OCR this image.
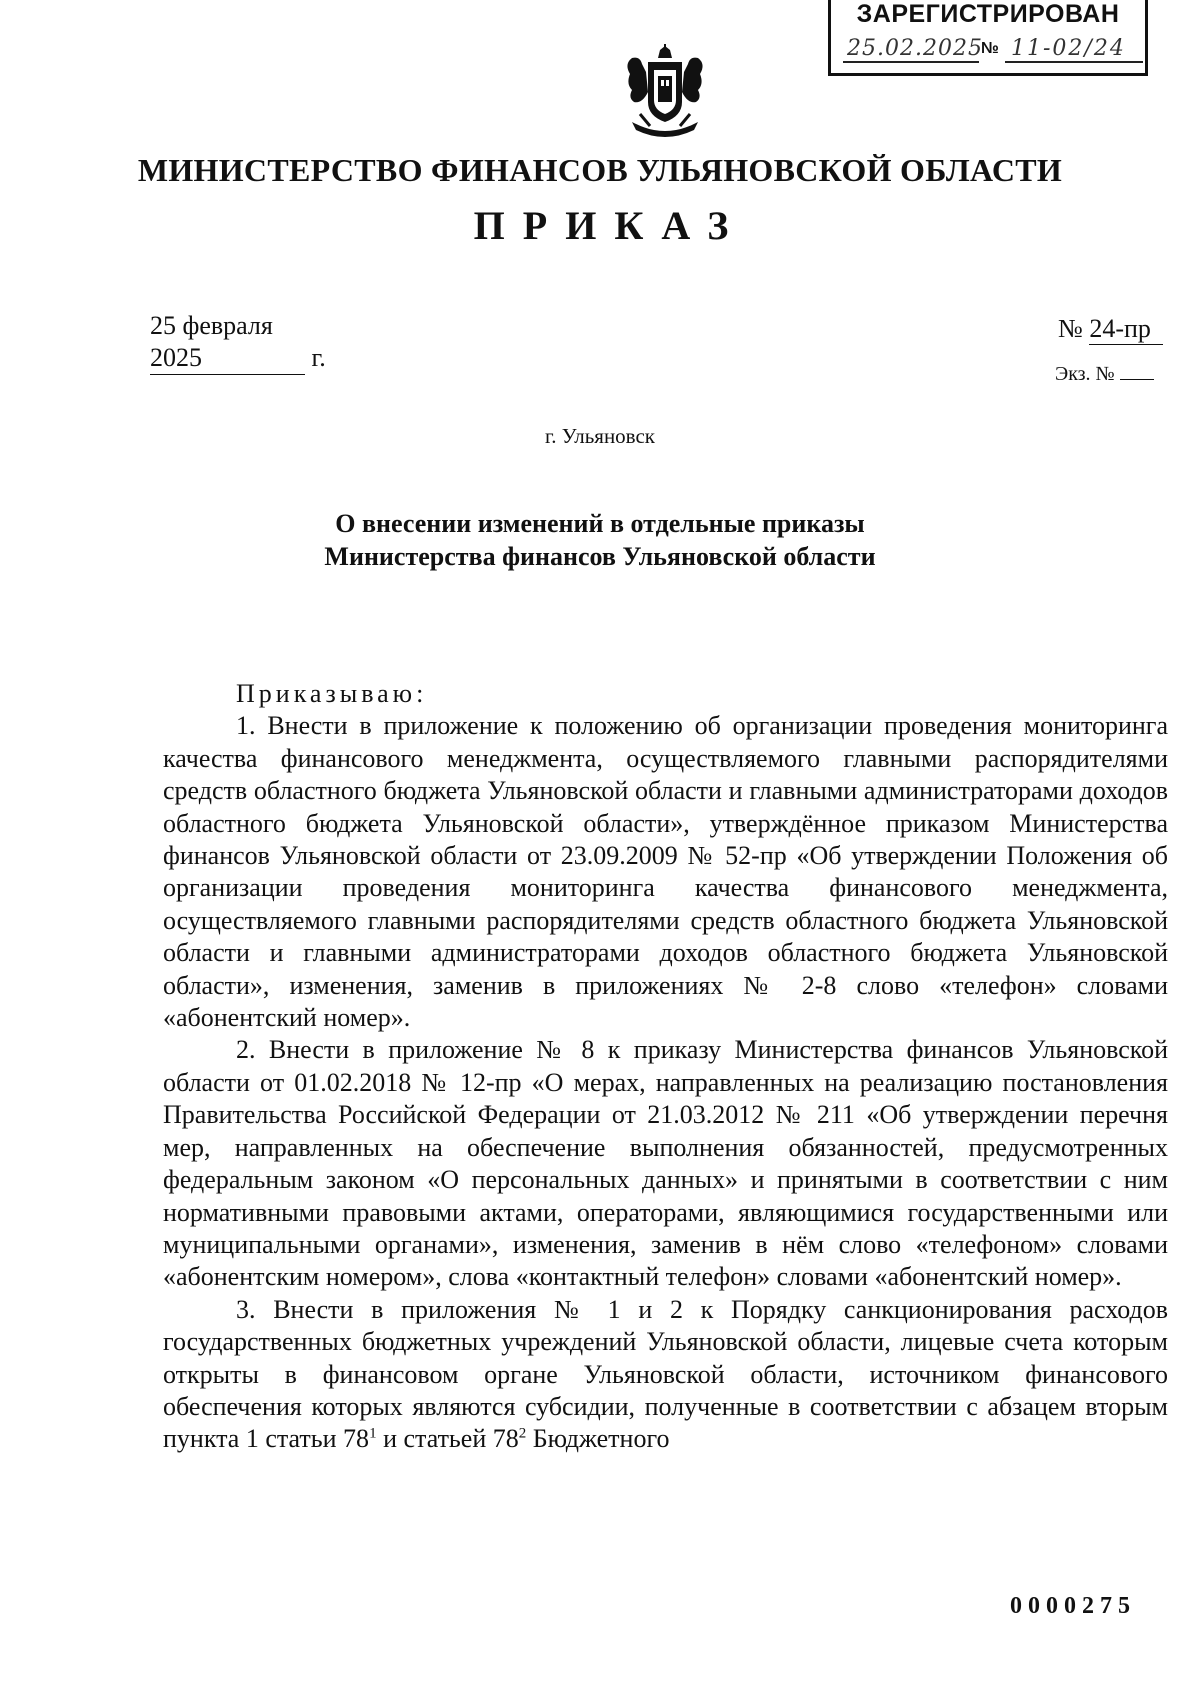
ЗАРЕГИСТРИРОВАН
25.02.2025
№ 11-02/24
МИНИСТЕРСТВО ФИНАНСОВ УЛЬЯНОВСКОЙ ОБЛАСТИ
ПРИКАЗ
25 февраля 2025	г.
№ 24-пр
Экз. №
г. Ульяновск
О внесении изменений в отдельные приказы
Министерства финансов Ульяновской области

Приказываю:

1. Внести в приложение к положению об организации проведения мониторинга качества финансового менеджмента, осуществляемого главными распорядителями средств областного бюджета Ульяновской области и главными администраторами доходов областного бюджета Ульяновской области», утверждённое приказом Министерства финансов Ульяновской области от 23.09.2009 № 52-пр «Об утверждении Положения об организации проведения мониторинга качества финансового менеджмента, осуществляемого главными распорядителями средств областного бюджета Ульяновской области и главными администраторами доходов областного бюджета Ульяновской области», изменения, заменив в приложениях № 2-8 слово «телефон» словами «абонентский номер».

2. Внести в приложение № 8 к приказу Министерства финансов Ульяновской области от 01.02.2018 № 12-пр «О мерах, направленных на реализацию постановления Правительства Российской Федерации от 21.03.2012 № 211 «Об утверждении перечня мер, направленных на обеспечение выполнения обязанностей, предусмотренных федеральным законом «О персональных данных» и принятыми в соответствии с ним нормативными правовыми актами, операторами, являющимися государственными или муниципальными органами», изменения, заменив в нём слово «телефоном» словами «абонентским номером», слова «контактный телефон» словами «абонентский номер».

3. Внести в приложения № 1 и 2 к Порядку санкционирования расходов государственных бюджетных учреждений Ульяновской области, лицевые счета которым открыты в финансовом органе Ульяновской области, источником финансового обеспечения которых являются субсидии, полученные в соответствии с абзацем вторым пункта 1 статьи $78^1$ и статьей $78^2$ Бюджетного

0000275
